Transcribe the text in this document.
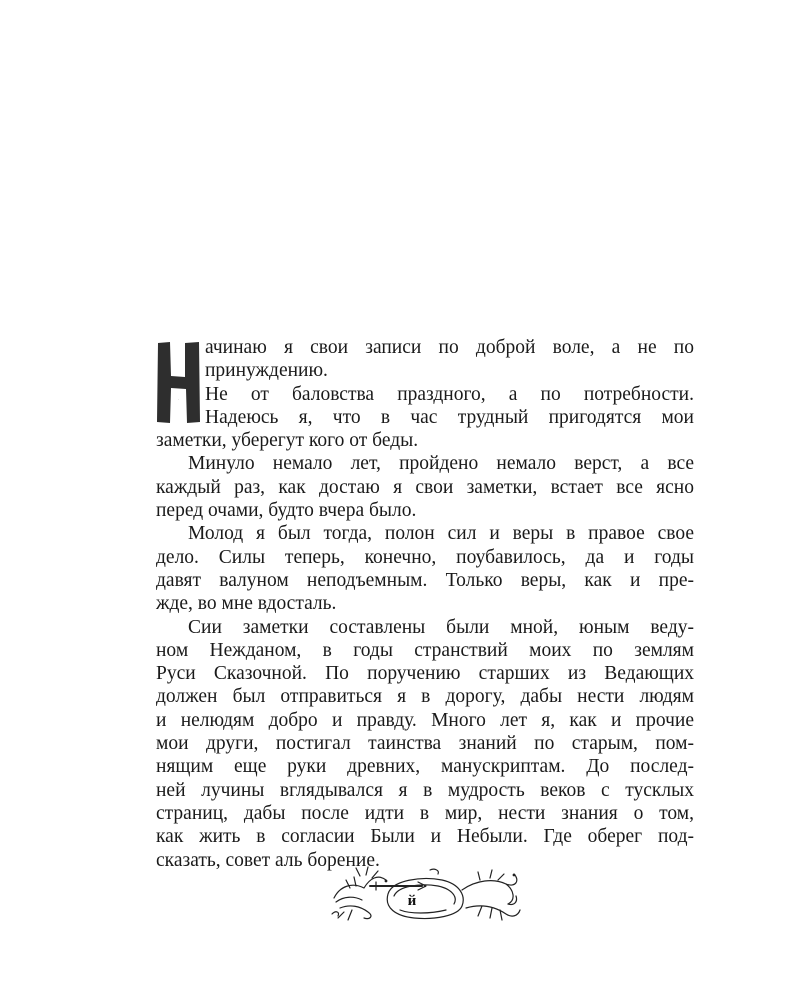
Н
ачинаю я свои записи по доброй воле, а не по
принуждению.
Не от баловства праздного, а по потребности.
Надеюсь я, что в час трудный пригодятся мои
заметки, уберегут кого от беды.
Минуло немало лет, пройдено немало верст, а все
каждый раз, как достаю я свои заметки, встает все ясно
перед очами, будто вчера было.
Молод я был тогда, полон сил и веры в правое свое
дело. Силы теперь, конечно, поубавилось, да и годы
давят валуном неподъемным. Только веры, как и пре-
жде, во мне вдосталь.
Сии заметки составлены были мной, юным веду-
ном Нежданом, в годы странствий моих по землям
Руси Сказочной. По поручению старших из Ведающих
должен был отправиться я в дорогу, дабы нести людям
и нелюдям добро и правду. Много лет я, как и прочие
мои други, постигал таинства знаний по старым, пом-
нящим еще руки древних, манускриптам. До послед-
ней лучины вглядывался я в мудрость веков с тусклых
страниц, дабы после идти в мир, нести знания о том,
как жить в согласии Были и Небыли. Где оберег под-
сказать, совет аль борение.
й
